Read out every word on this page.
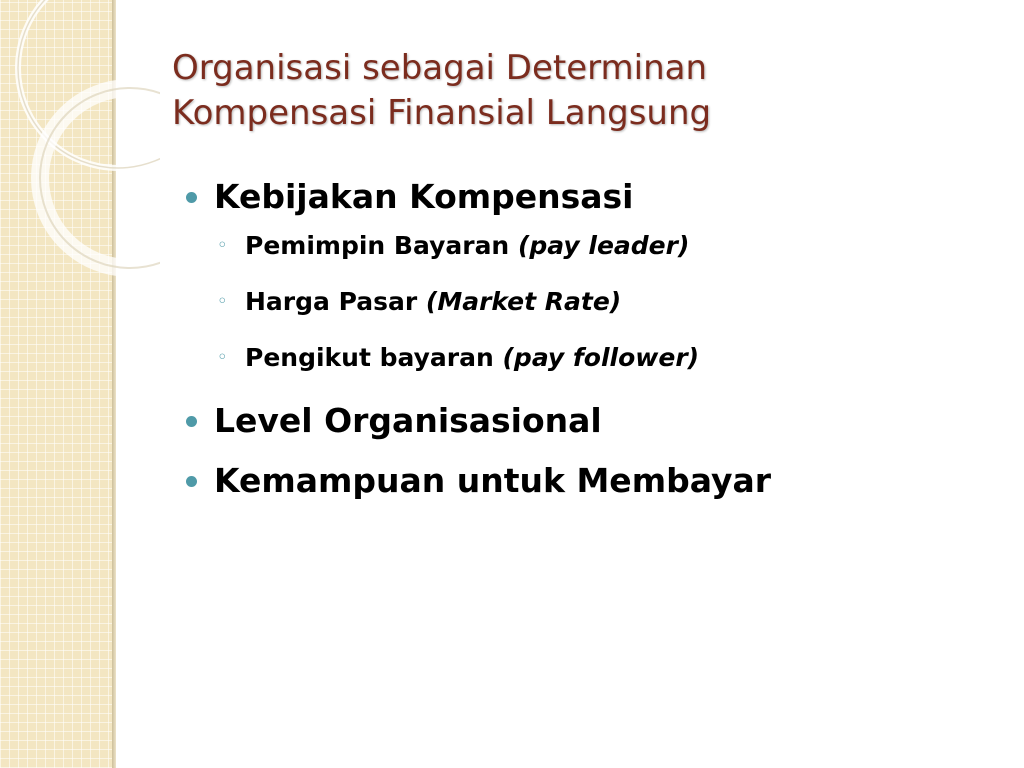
Organisasi sebagai Determinan
Kompensasi Finansial Langsung
Kebijakan Kompensasi
◦ Pemimpin Bayaran (pay leader)
◦ Harga Pasar (Market Rate)
◦ Pengikut bayaran (pay follower)
Level Organisasional
Kemampuan untuk Membayar
